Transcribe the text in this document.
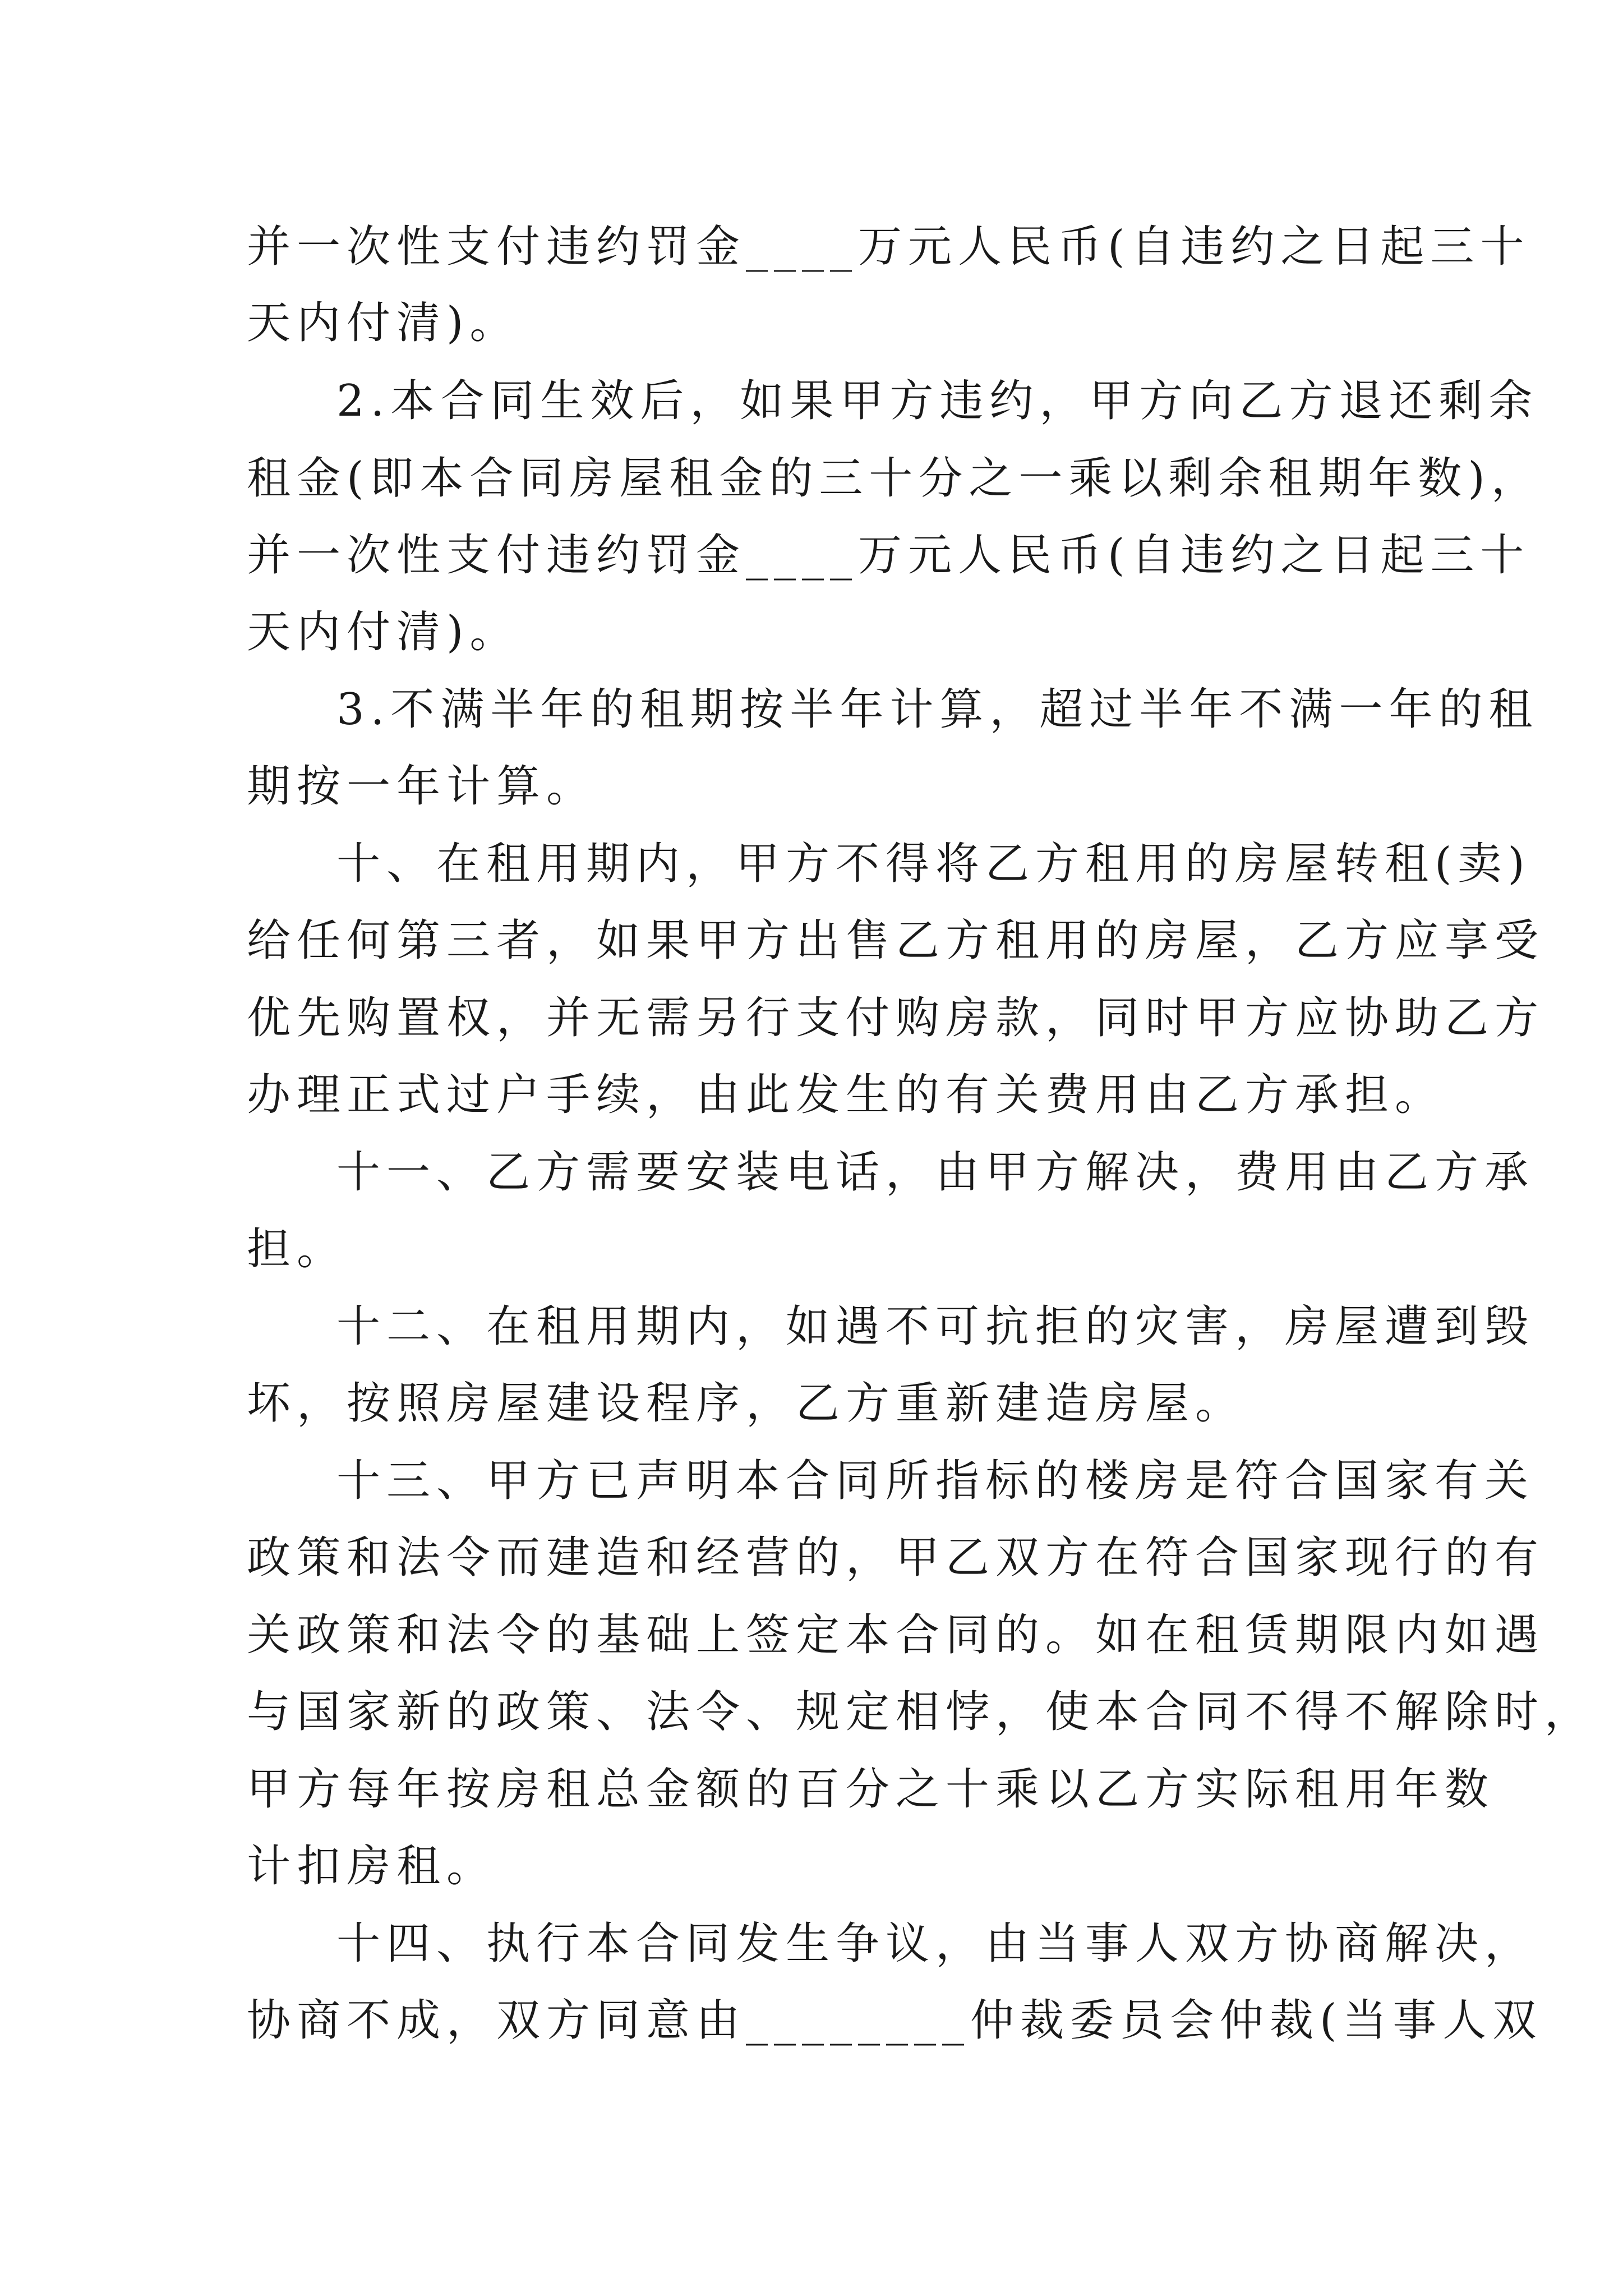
并一次性支付违约罚金____万元人民币(自违约之日起三十

天内付清)。

2.本合同生效后，如果甲方违约，甲方向乙方退还剩余

租金(即本合同房屋租金的三十分之一乘以剩余租期年数)，

并一次性支付违约罚金____万元人民币(自违约之日起三十

天内付清)。

3.不满半年的租期按半年计算，超过半年不满一年的租

期按一年计算。

十、在租用期内，甲方不得将乙方租用的房屋转租(卖)

给任何第三者，如果甲方出售乙方租用的房屋，乙方应享受

优先购置权，并无需另行支付购房款，同时甲方应协助乙方

办理正式过户手续，由此发生的有关费用由乙方承担。

十一、乙方需要安装电话，由甲方解决，费用由乙方承

担。

十二、在租用期内，如遇不可抗拒的灾害，房屋遭到毁

坏，按照房屋建设程序，乙方重新建造房屋。

十三、甲方已声明本合同所指标的楼房是符合国家有关

政策和法令而建造和经营的，甲乙双方在符合国家现行的有

关政策和法令的基础上签定本合同的。如在租赁期限内如遇

与国家新的政策、法令、规定相悖，使本合同不得不解除时，

甲方每年按房租总金额的百分之十乘以乙方实际租用年数

计扣房租。

十四、执行本合同发生争议，由当事人双方协商解决，

协商不成，双方同意由________仲裁委员会仲裁(当事人双
